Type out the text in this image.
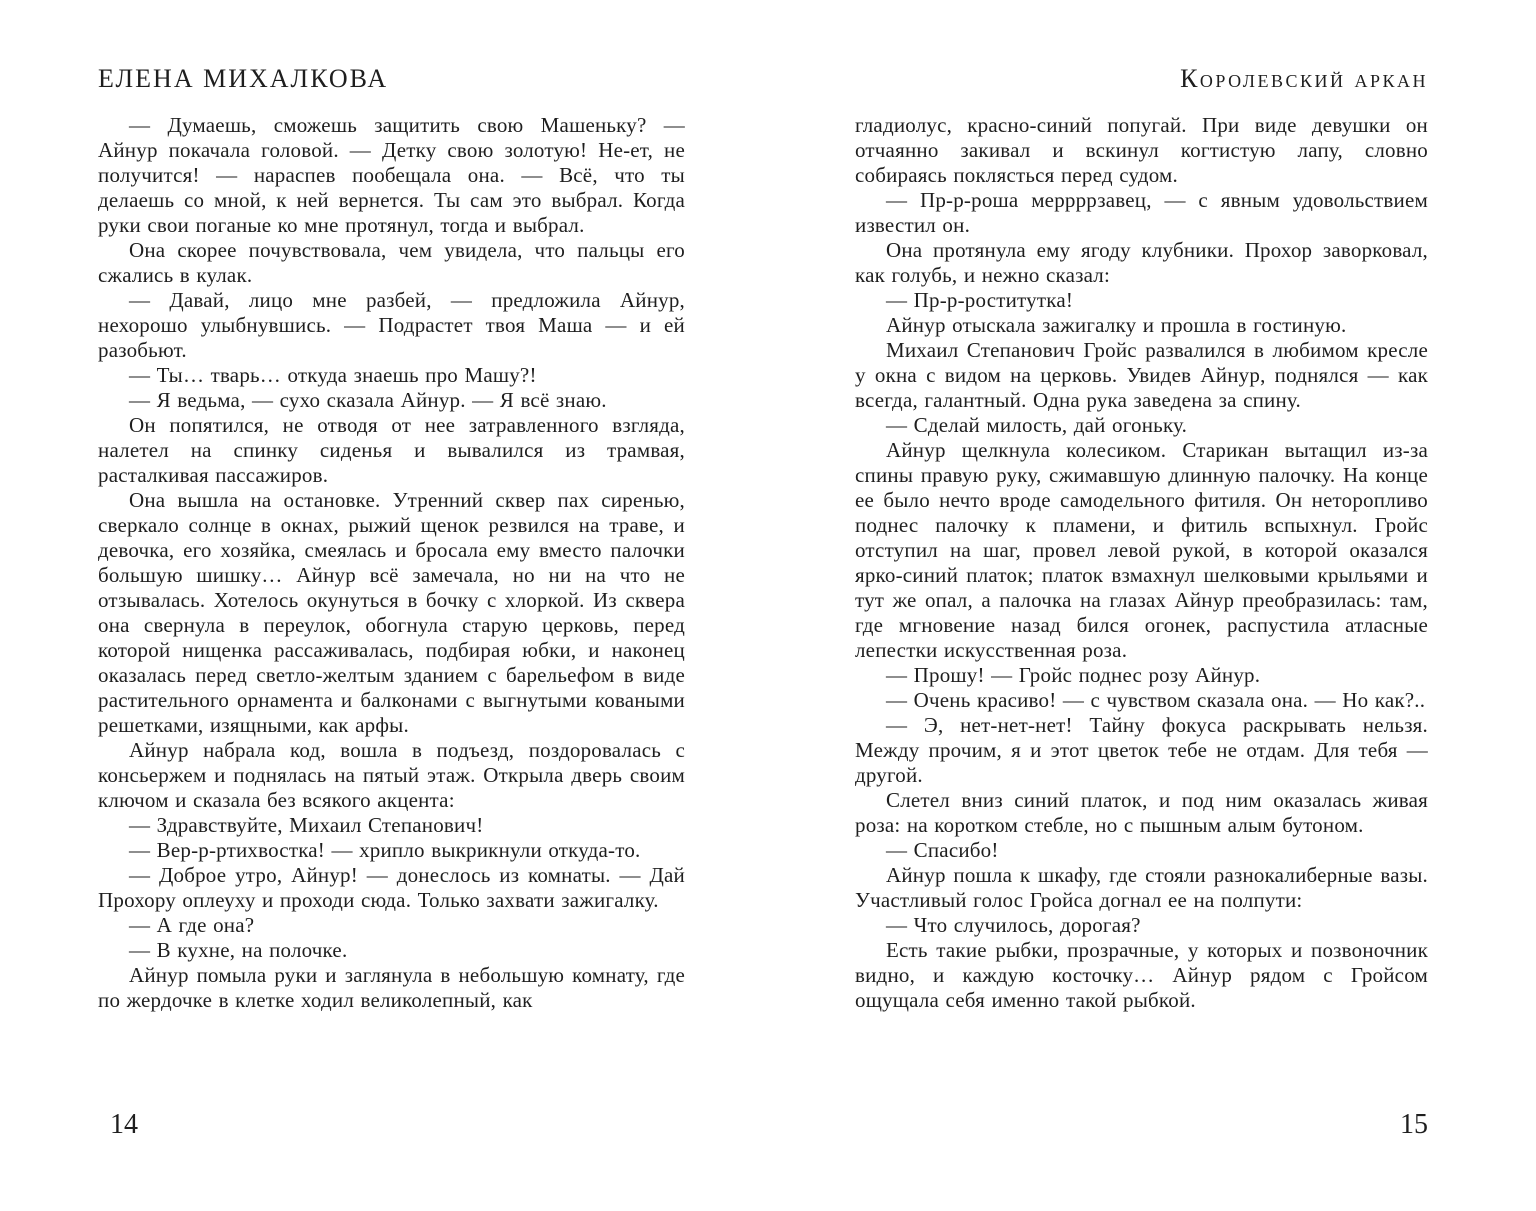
ЕЛЕНА МИХАЛКОВА

— Думаешь, сможешь защитить свою Машеньку? — Айнур покачала головой. — Детку свою золотую! Не-ет, не получится! — нараспев пообещала она. — Всё, что ты делаешь со мной, к ней вернется. Ты сам это выбрал. Когда руки свои поганые ко мне протянул, тогда и выбрал.

Она скорее почувствовала, чем увидела, что пальцы его сжались в кулак.

— Давай, лицо мне разбей, — предложила Айнур, нехорошо улыбнувшись. — Подрастет твоя Маша — и ей разобьют.

— Ты… тварь… откуда знаешь про Машу?!

— Я ведьма, — сухо сказала Айнур. — Я всё знаю.

Он попятился, не отводя от нее затравленного взгляда, налетел на спинку сиденья и вывалился из трамвая, расталкивая пассажиров.

Она вышла на остановке. Утренний сквер пах сиренью, сверкало солнце в окнах, рыжий щенок резвился на траве, и девочка, его хозяйка, смеялась и бросала ему вместо палочки большую шишку… Айнур всё замечала, но ни на что не отзывалась. Хотелось окунуться в бочку с хлоркой. Из сквера она свернула в переулок, обогнула старую церковь, перед которой нищенка рассаживалась, подбирая юбки, и наконец оказалась перед светло-желтым зданием с барельефом в виде растительного орнамента и балконами с выгнутыми коваными решетками, изящными, как арфы.

Айнур набрала код, вошла в подъезд, поздоровалась с консьержем и поднялась на пятый этаж. Открыла дверь своим ключом и сказала без всякого акцента:

— Здравствуйте, Михаил Степанович!

— Вер-р-ртихвостка! — хрипло выкрикнули откуда-то.

— Доброе утро, Айнур! — донеслось из комнаты. — Дай Прохору оплеуху и проходи сюда. Только захвати зажигалку.

— А где она?

— В кухне, на полочке.

Айнур помыла руки и заглянула в небольшую комнату, где по жердочке в клетке ходил великолепный, как

14
Королевский аркан

гладиолус, красно-синий попугай. При виде девушки он отчаянно закивал и вскинул когтистую лапу, словно собираясь поклясться перед судом.

— Пр-р-роша меррррзавец, — с явным удовольствием известил он.

Она протянула ему ягоду клубники. Прохор заворковал, как голубь, и нежно сказал:

— Пр-р-роститутка!

Айнур отыскала зажигалку и прошла в гостиную.

Михаил Степанович Гройс развалился в любимом кресле у окна с видом на церковь. Увидев Айнур, поднялся — как всегда, галантный. Одна рука заведена за спину.

— Сделай милость, дай огоньку.

Айнур щелкнула колесиком. Старикан вытащил из-за спины правую руку, сжимавшую длинную палочку. На конце ее было нечто вроде самодельного фитиля. Он неторопливо поднес палочку к пламени, и фитиль вспыхнул. Гройс отступил на шаг, провел левой рукой, в которой оказался ярко-синий платок; платок взмахнул шелковыми крыльями и тут же опал, а палочка на глазах Айнур преобразилась: там, где мгновение назад бился огонек, распустила атласные лепестки искусственная роза.

— Прошу! — Гройс поднес розу Айнур.

— Очень красиво! — с чувством сказала она. — Но как?..

— Э, нет-нет-нет! Тайну фокуса раскрывать нельзя. Между прочим, я и этот цветок тебе не отдам. Для тебя — другой.

Слетел вниз синий платок, и под ним оказалась живая роза: на коротком стебле, но с пышным алым бутоном.

— Спасибо!

Айнур пошла к шкафу, где стояли разнокалиберные вазы. Участливый голос Гройса догнал ее на полпути:

— Что случилось, дорогая?

Есть такие рыбки, прозрачные, у которых и позвоночник видно, и каждую косточку… Айнур рядом с Гройсом ощущала себя именно такой рыбкой.

15
